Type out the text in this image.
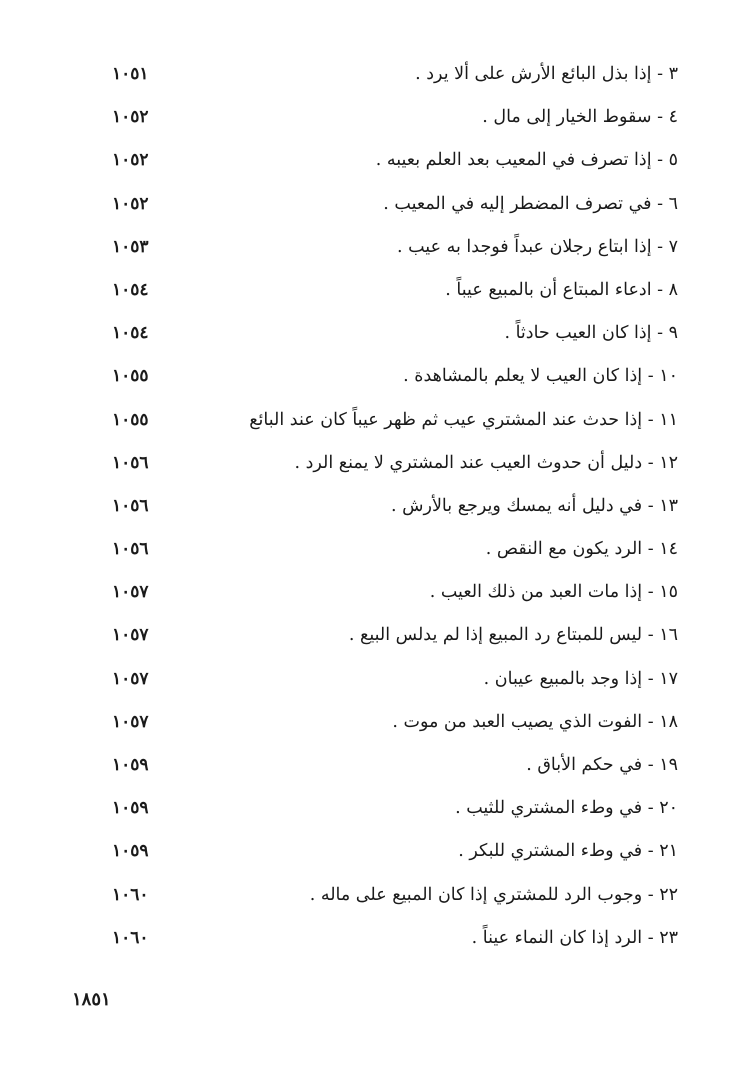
٣ - إذا بذل البائع الأرش على ألا يرد .
١٠٥١
٤ - سقوط الخيار إلى مال .
١٠٥٢
٥ - إذا تصرف في المعيب بعد العلم بعيبه .
١٠٥٢
٦ - في تصرف المضطر إليه في المعيب .
١٠٥٢
٧ - إذا ابتاع رجلان عبداً فوجدا به عيب .
١٠٥٣
٨ - ادعاء المبتاع أن بالمبيع عيباً .
١٠٥٤
٩ - إذا كان العيب حادثاً .
١٠٥٤
١٠ - إذا كان العيب لا يعلم بالمشاهدة .
١٠٥٥
١١ - إذا حدث عند المشتري عيب ثم ظهر عيباً كان عند البائع
١٠٥٥
١٢ - دليل أن حدوث العيب عند المشتري لا يمنع الرد .
١٠٥٦
١٣ - في دليل أنه يمسك ويرجع بالأرش .
١٠٥٦
١٤ - الرد يكون مع النقص .
١٠٥٦
١٥ - إذا مات العبد من ذلك العيب .
١٠٥٧
١٦ - ليس للمبتاع رد المبيع إذا لم يدلس البيع .
١٠٥٧
١٧ - إذا وجد بالمبيع عيبان .
١٠٥٧
١٨ - الفوت الذي يصيب العبد من موت .
١٠٥٧
١٩ - في حكم الأباق .
١٠٥٩
٢٠ - في وطء المشتري للثيب .
١٠٥٩
٢١ - في وطء المشتري للبكر .
١٠٥٩
٢٢ - وجوب الرد للمشتري إذا كان المبيع على ماله .
١٠٦٠
٢٣ - الرد إذا كان النماء عيناً .
١٠٦٠
١٨٥١
